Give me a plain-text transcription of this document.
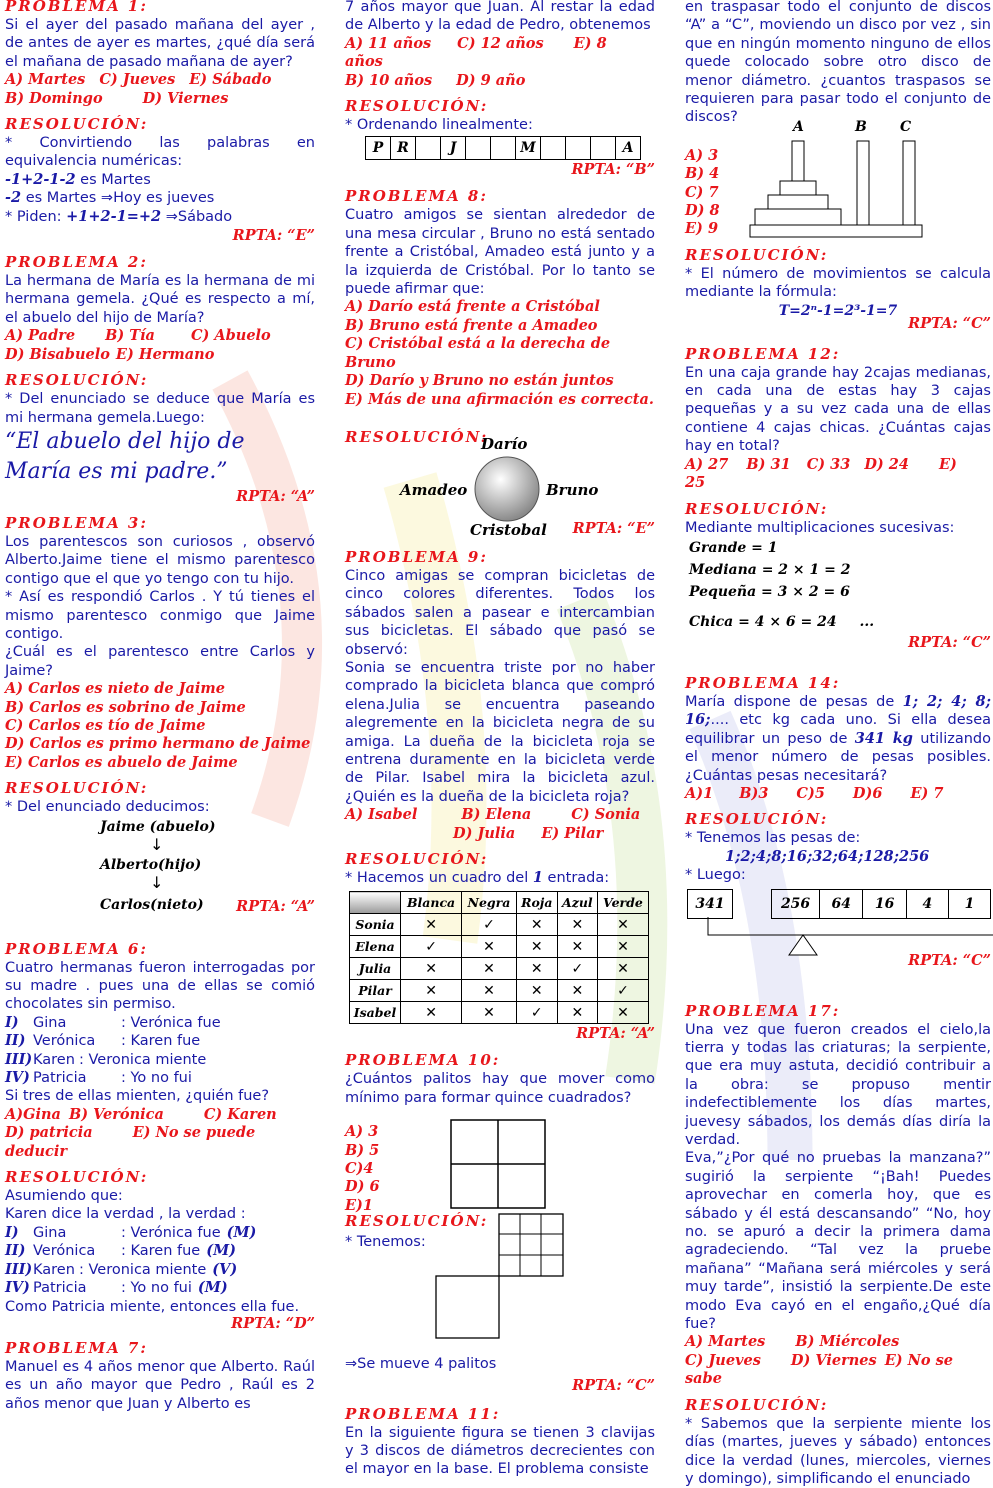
PROBLEMA 1:

Si el ayer del pasado mañana del ayer , de antes de ayer es martes, ¿qué día será el mañana de pasado mañana de ayer?

A) Martes C) Jueves E) Sábado
B) Domingo	D) Viernes
RESOLUCIÓN:

* Convirtiendo las palabras en equivalencia numéricas:

-1+2-1-2 es Martes

-2 es Martes ⇒Hoy es jueves

* Piden: +1+2-1=+2 ⇒Sábado

RPTA: “E”
PROBLEMA 2:

La hermana de María es la hermana de mi hermana gemela. ¿Qué es respecto a mí, el abuelo del hijo de María?

A) Padre B) Tía C) Abuelo
D) Bisabuelo E) Hermano
RESOLUCIÓN:

* Del enunciado se deduce que María es mi hermana gemela.Luego:

“El abuelo del hijo de María es mi padre.”
RPTA: “A”
PROBLEMA 3:

Los parentescos son curiosos , observó Alberto.Jaime tiene el mismo parentesco contigo que el que yo tengo con tu hijo.

* Así es respondió Carlos . Y tú tienes el mismo parentesco conmigo que Jaime contigo.

¿Cuál es el parentesco entre Carlos y Jaime?

A) Carlos es nieto de Jaime
B) Carlos es sobrino de Jaime
C) Carlos es tío de Jaime
D) Carlos es primo hermano de Jaime
E) Carlos es abuelo de Jaime
RESOLUCIÓN:

* Del enunciado deducimos:

Jaime (abuelo)
↓
Alberto(hijo)
↓
Carlos(nieto) RPTA: “A”
PROBLEMA 6:

Cuatro hermanas fueron interrogadas por su madre . pues una de ellas se comió chocolates sin permiso.

I) Gina	: Verónica fue
II) Verónica : Karen fue
III)Karen : Veronica miente
IV) Patricia : Yo no fui

Si tres de ellas mienten, ¿quién fue?

A)Gina B) Verónica	C) Karen
D) patricia	E) No se puede deducir
RESOLUCIÓN:

Asumiendo que:

Karen dice la verdad , la verdad :

I) Gina	: Verónica fue (M)
II) Verónica : Karen fue (M)
III)Karen : Veronica miente (V)
IV) Patricia : Yo no fui (M)

Como Patricia miente, entonces ella fue.

RPTA: “D”
PROBLEMA 7:

Manuel es 4 años menor que Alberto. Raúl es un año mayor que Pedro , Raúl es 2 años menor que Juan y Alberto es

7 años mayor que Juan. Al restar la edad de Alberto y la edad de Pedro, obtenemos

A) 11 años C) 12 años E) 8 años
B) 10 años D) 9 año
RESOLUCIÓN:

* Ordenando linealmente:

P	R		J			M				A
RPTA: “B”
PROBLEMA 8:

Cuatro amigos se sientan alrededor de una mesa circular , Bruno no está sentado frente a Cristóbal, Amadeo está junto y a la izquierda de Cristóbal. Por lo tanto se puede afirmar que:

A) Darío está frente a Cristóbal
B) Bruno está frente a Amadeo
C) Cristóbal está a la derecha de Bruno
D) Darío y Bruno no están juntos
E) Más de una afirmación es correcta.
RESOLUCIÓN:
Darío
Amadeo	Bruno
Cristobal RPTA: “E”
PROBLEMA 9:

Cinco amigas se compran bicicletas de cinco colores diferentes. Todos los sábados salen a pasear e intercambian sus bicicletas. El sábado que pasó se observó:

Sonia se encuentra triste por no haber comprado la bicicleta blanca que compró elena.Julia se encuentra paseando alegremente en la bicicleta negra de su amiga. La dueña de la bicicleta roja se entrena duramente en la bicicleta verde de Pilar. Isabel mira la bicicleta azul. ¿Quién es la dueña de la bicicleta roja?

A) Isabel	B) Elena	C) Sonia
D) Julia E) Pilar
RESOLUCIÓN:

* Hacemos un cuadro del 1 entrada:

	Blanca	Negra	Roja	Azul	Verde
Sonia	✕	✓	✕	✕	✕
Elena	✓	✕	✕	✕	✕
Julia	✕	✕	✕	✓	✕
Pilar	✕	✕	✕	✕	✓
Isabel	✕	✕	✓	✕	✕
RPTA: “A”
PROBLEMA 10:

¿Cuántos palitos hay que mover como mínimo para formar quince cuadrados?

A) 3
B) 5
C)4
D) 6
E)1
RESOLUCIÓN:
* Tenemos:

⇒Se mueve 4 palitos

RPTA: “C”
PROBLEMA 11:

En la siguiente figura se tienen 3 clavijas y 3 discos de diámetros decrecientes con el mayor en la base. El problema consiste

en traspasar todo el conjunto de discos “A” a “C”, moviendo un disco por vez , sin que en ningún momento ninguno de ellos quede colocado sobre otro disco de menor diámetro. ¿cuantos traspasos se requieren para pasar todo el conjunto de discos?

A) 3
B) 4
C) 7
D) 8
E) 9
A	B C
RESOLUCIÓN:

* El número de movimientos se calcula mediante la fórmula:

T=2ⁿ-1=2³-1=7
RPTA: “C”
PROBLEMA 12:

En una caja grande hay 2cajas medianas, en cada una de estas hay 3 cajas pequeñas y a su vez cada una de ellas contiene 4 cajas chicas. ¿Cuántas cajas hay en total?

A) 27 B) 31 C) 33 D) 24 E) 25
RESOLUCIÓN:

Mediante multiplicaciones sucesivas:

Grande = 1
Mediana = 2 × 1 = 2
Pequeña = 3 × 2 = 6
Chica = 4 × 6 = 24 ...
RPTA: “C”
PROBLEMA 14:

María dispone de pesas de 1; 2; 4; 8; 16;.... etc kg cada uno. Si ella desea equilibrar un peso de 341 kg utilizando el menor número de pesas posibles. ¿Cuántas pesas necesitará?

A)1 B)3 C)5 D)6 E) 7
RESOLUCIÓN:

* Tenemos las pesas de:

1;2;4;8;16;32;64;128;256

* Luego:

341	256	64	16	4	1
RPTA: “C”
PROBLEMA 17:

Una vez que fueron creados el cielo,la tierra y todas las criaturas; la serpiente, que era muy astuta, decidió contribuir a la obra: se propuso mentir indefectiblemente los días martes, juevesy sábados, los demás días diría la verdad.

Eva,”¿Por qué no pruebas la manzana?” sugirió la serpiente “¡Bah! Puedes aprovechar en comerla hoy, que es sábado y él está descansando” “No, hoy no. se apuró a decir la primera dama agradeciendo. “Tal vez la pruebe mañana” “Mañana será miércoles y será muy tarde”, insistió la serpiente.De este modo Eva cayó en el engaño,¿Qué día fue?

A) Martes B) Miércoles
C) Jueves D) Viernes E) No se sabe
RESOLUCIÓN:

* Sabemos que la serpiente miente los días (martes, jueves y sábado) entonces dice la verdad (lunes, miercoles, viernes y domingo), simplificando el enunciado
